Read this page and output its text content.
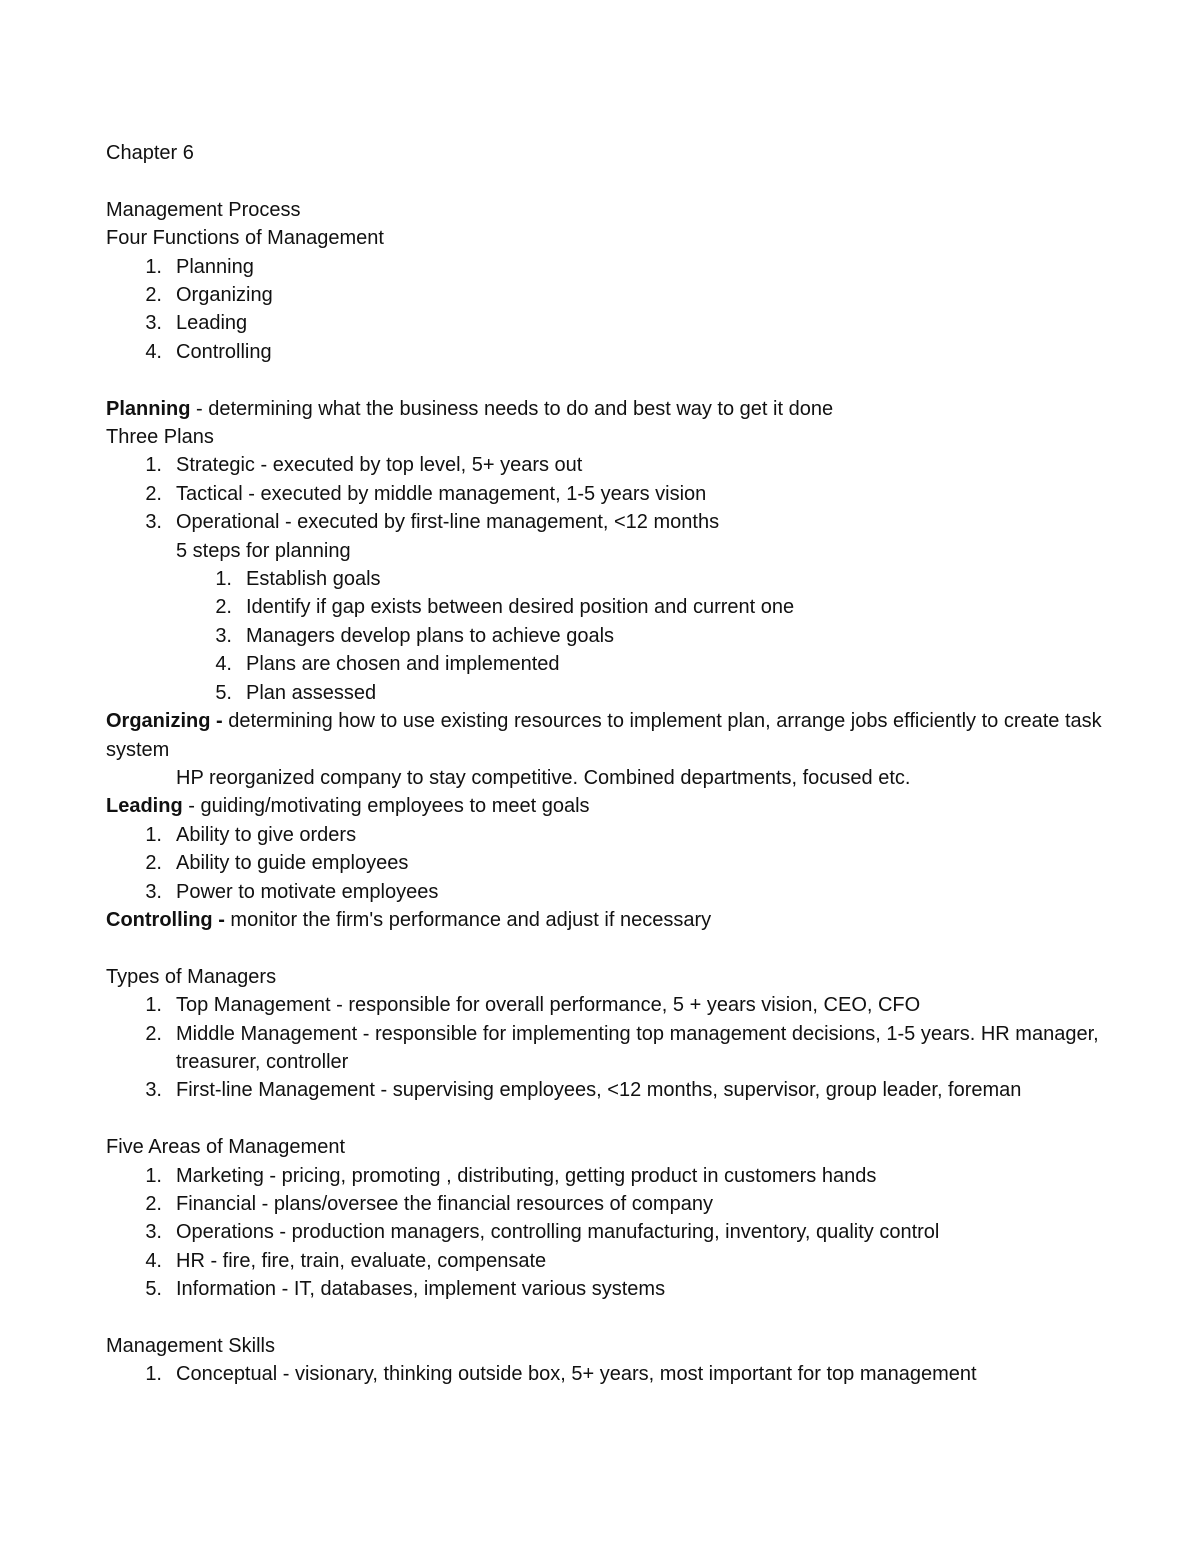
Chapter 6
Management Process
Four Functions of Management
1. Planning
2. Organizing
3. Leading
4. Controlling
Planning - determining what the business needs to do and best way to get it done
Three Plans
1. Strategic - executed by top level, 5+ years out
2. Tactical - executed by middle management, 1-5 years vision
3. Operational - executed by first-line management, <12 months
5 steps for planning
1. Establish goals
2. Identify if gap exists between desired position and current one
3. Managers develop plans to achieve goals
4. Plans are chosen and implemented
5. Plan assessed
Organizing - determining how to use existing resources to implement plan, arrange jobs efficiently to create task system
HP reorganized company to stay competitive. Combined departments, focused etc.
Leading - guiding/motivating employees to meet goals
1. Ability to give orders
2. Ability to guide employees
3. Power to motivate employees
Controlling - monitor the firm's performance and adjust if necessary
Types of Managers
1. Top Management - responsible for overall performance, 5 + years vision, CEO, CFO
2. Middle Management - responsible for implementing top management decisions, 1-5 years. HR manager, treasurer, controller
3. First-line Management - supervising employees, <12 months, supervisor, group leader, foreman
Five Areas of Management
1. Marketing - pricing, promoting , distributing, getting product in customers hands
2. Financial - plans/oversee the financial resources of company
3. Operations - production managers, controlling manufacturing, inventory, quality control
4. HR - fire, fire, train, evaluate, compensate
5. Information - IT, databases, implement various systems
Management Skills
1. Conceptual - visionary, thinking outside box, 5+ years, most important for top management
